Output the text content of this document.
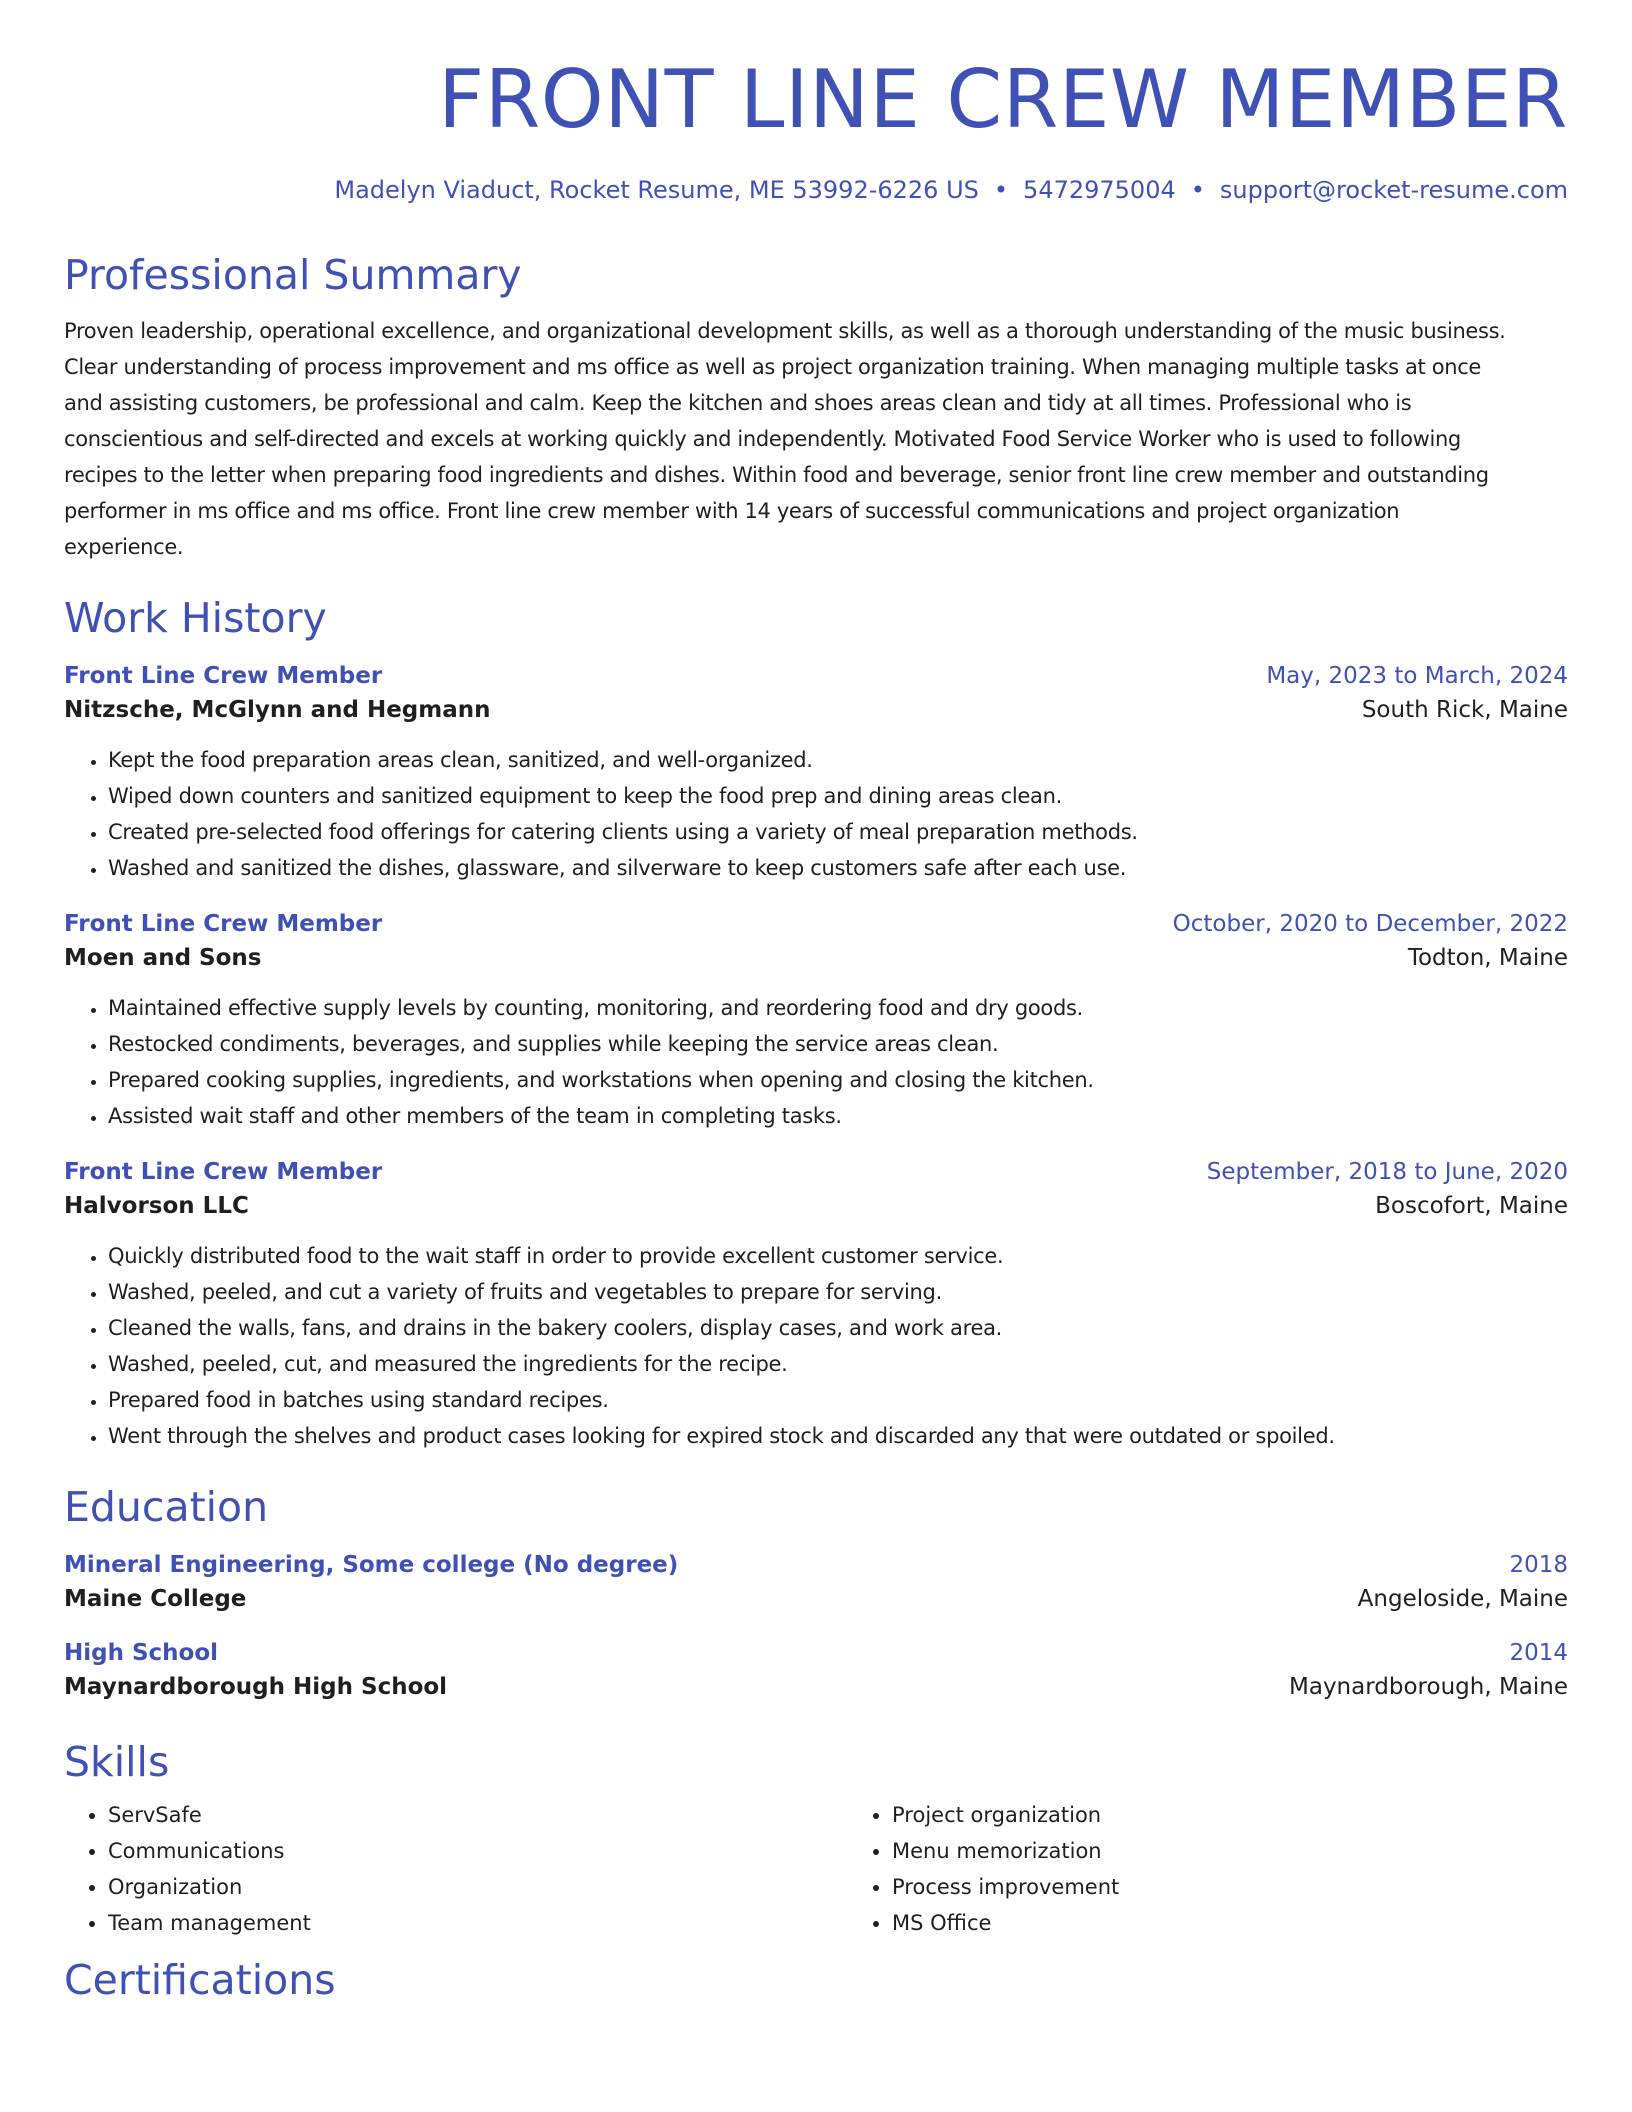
FRONT LINE CREW MEMBER
Madelyn Viaduct, Rocket Resume, ME 53992-6226 US • 5472975004 • support@rocket-resume.com
Professional Summary
Proven leadership, operational excellence, and organizational development skills, as well as a thorough understanding of the music business.
Clear understanding of process improvement and ms office as well as project organization training. When managing multiple tasks at once
and assisting customers, be professional and calm. Keep the kitchen and shoes areas clean and tidy at all times. Professional who is
conscientious and self-directed and excels at working quickly and independently. Motivated Food Service Worker who is used to following
recipes to the letter when preparing food ingredients and dishes. Within food and beverage, senior front line crew member and outstanding
performer in ms office and ms office. Front line crew member with 14 years of successful communications and project organization
experience.
Work History
Front Line Crew Member	May, 2023 to March, 2024
Nitzsche, McGlynn and Hegmann	South Rick, Maine
• Kept the food preparation areas clean, sanitized, and well-organized.
• Wiped down counters and sanitized equipment to keep the food prep and dining areas clean.
• Created pre-selected food offerings for catering clients using a variety of meal preparation methods.
• Washed and sanitized the dishes, glassware, and silverware to keep customers safe after each use.
Front Line Crew Member	October, 2020 to December, 2022
Moen and Sons	Todton, Maine
• Maintained effective supply levels by counting, monitoring, and reordering food and dry goods.
• Restocked condiments, beverages, and supplies while keeping the service areas clean.
• Prepared cooking supplies, ingredients, and workstations when opening and closing the kitchen.
• Assisted wait staff and other members of the team in completing tasks.
Front Line Crew Member	September, 2018 to June, 2020
Halvorson LLC	Boscofort, Maine
• Quickly distributed food to the wait staff in order to provide excellent customer service.
• Washed, peeled, and cut a variety of fruits and vegetables to prepare for serving.
• Cleaned the walls, fans, and drains in the bakery coolers, display cases, and work area.
• Washed, peeled, cut, and measured the ingredients for the recipe.
• Prepared food in batches using standard recipes.
• Went through the shelves and product cases looking for expired stock and discarded any that were outdated or spoiled.
Education
Mineral Engineering, Some college (No degree)	2018
Maine College	Angeloside, Maine
High School	2014
Maynardborough High School	Maynardborough, Maine
Skills
• ServSafe
• Communications
• Organization
• Team management
• Project organization
• Menu memorization
• Process improvement
• MS Office
Certifications
